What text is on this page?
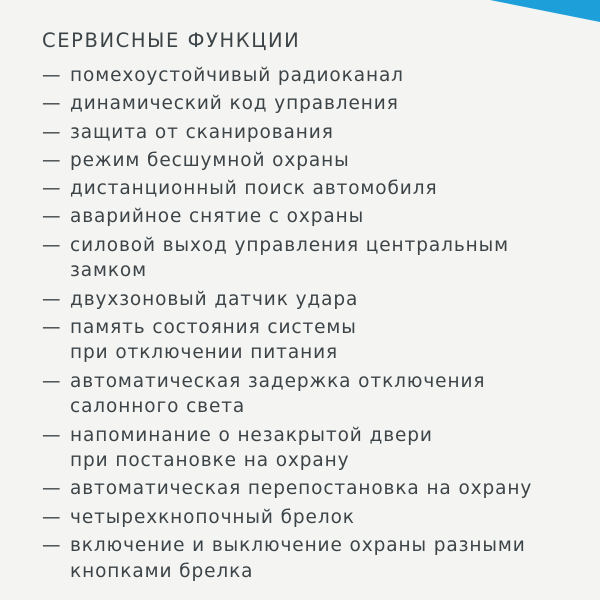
СЕРВИСНЫЕ ФУНКЦИИ
— помехоустойчивый радиоканал
— динамический код управления
— защита от сканирования
— режим бесшумной охраны
— дистанционный поиск автомобиля
— аварийное снятие с охраны
— силовой выход управления центральным
замком
— двухзоновый датчик удара
— память состояния системы
при отключении питания
— автоматическая задержка отключения
салонного света
— напоминание о незакрытой двери
при постановке на охрану
— автоматическая перепостановка на охрану
— четырехкнопочный брелок
— включение и выключение охраны разными
кнопками брелка
